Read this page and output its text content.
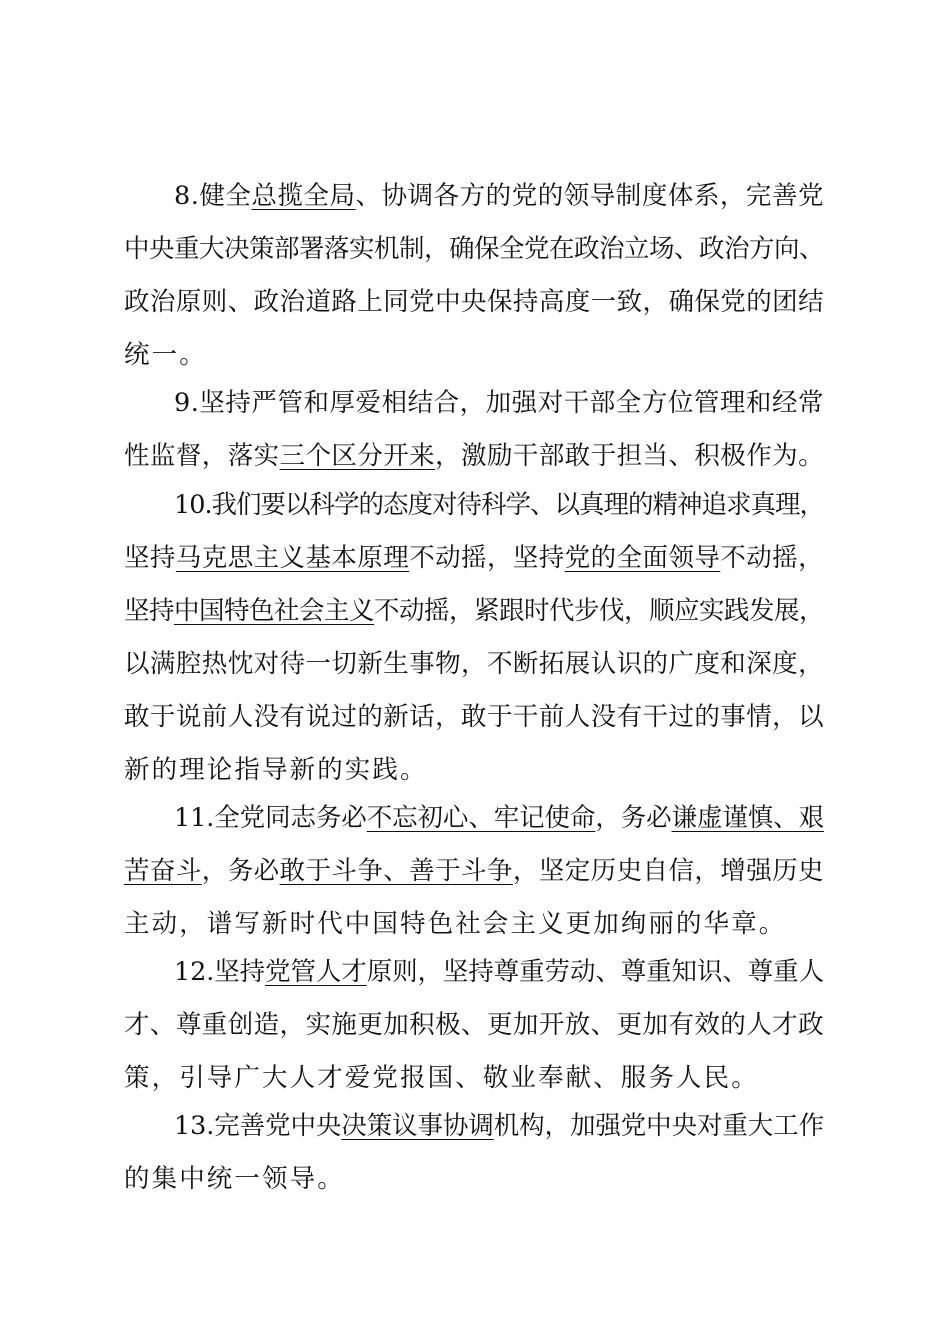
8.健全总揽全局、协调各方的党的领导制度体系，完善党
中央重大决策部署落实机制，确保全党在政治立场、政治方向、
政治原则、政治道路上同党中央保持高度一致，确保党的团结
统一。
9.坚持严管和厚爱相结合，加强对干部全方位管理和经常
性监督，落实三个区分开来，激励干部敢于担当、积极作为。
10.我们要以科学的态度对待科学、以真理的精神追求真理，
坚持马克思主义基本原理不动摇，坚持党的全面领导不动摇，
坚持中国特色社会主义不动摇，紧跟时代步伐，顺应实践发展，
以满腔热忱对待一切新生事物，不断拓展认识的广度和深度，
敢于说前人没有说过的新话，敢于干前人没有干过的事情，以
新的理论指导新的实践。
11.全党同志务必不忘初心、牢记使命，务必谦虚谨慎、艰
苦奋斗，务必敢于斗争、善于斗争，坚定历史自信，增强历史
主动，谱写新时代中国特色社会主义更加绚丽的华章。
12.坚持党管人才原则，坚持尊重劳动、尊重知识、尊重人
才、尊重创造，实施更加积极、更加开放、更加有效的人才政
策，引导广大人才爱党报国、敬业奉献、服务人民。
13.完善党中央决策议事协调机构，加强党中央对重大工作
的集中统一领导。
